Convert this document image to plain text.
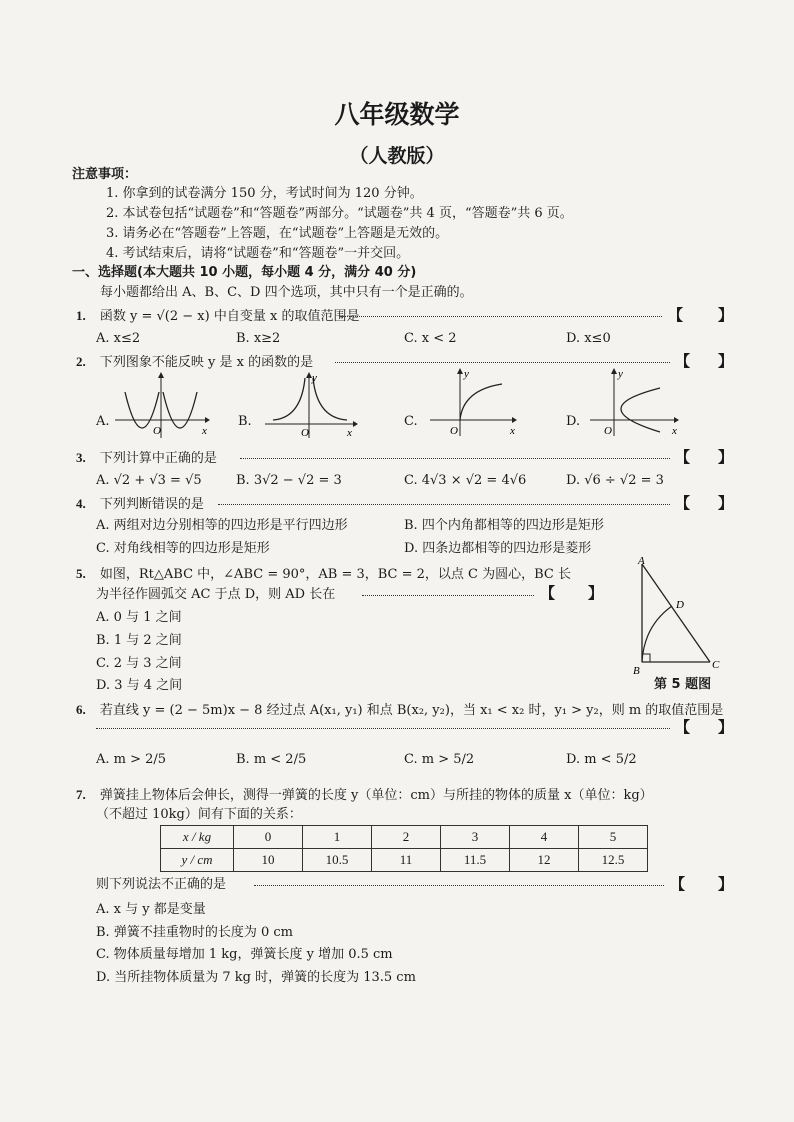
八年级数学
（人教版）
注意事项：
1. 你拿到的试卷满分 150 分，考试时间为 120 分钟。
2. 本试卷包括“试题卷”和“答题卷”两部分。“试题卷”共 4 页，“答题卷”共 6 页。
3. 请务必在“答题卷”上答题，在“试题卷”上答题是无效的。
4. 考试结束后，请将“试题卷”和“答题卷”一并交回。
一、选择题(本大题共 10 小题，每小题 4 分，满分 40 分)
每小题都给出 A、B、C、D 四个选项，其中只有一个是正确的。
1. 函数 y = √(2 − x) 中自变量 x 的取值范围是	【 】
A. x≤2	B. x≥2	C. x < 2	D. x≤0
2. 下列图象不能反映 y 是 x 的函数的是	【 】
A.	B.	C.	D.
O	x
y
O	x
y
O	x
y
O	x
3. 下列计算中正确的是	【 】
A. √2 + √3 = √5	B. 3√2 − √2 = 3	C. 4√3 × √2 = 4√6	D. √6 ÷ √2 = 3
4. 下列判断错误的是	【 】
A. 两组对边分别相等的四边形是平行四边形	B. 四个内角都相等的四边形是矩形
C. 对角线相等的四边形是矩形	D. 四条边都相等的四边形是菱形
5. 如图，Rt△ABC 中，∠ABC = 90°，AB = 3，BC = 2，以点 C 为圆心，BC 长
为半径作圆弧交 AC 于点 D，则 AD 长在	【 】
A. 0 与 1 之间
B. 1 与 2 之间
C. 2 与 3 之间
D. 3 与 4 之间
A
B	C
D
第 5 题图
6. 若直线 y = (2 − 5m)x − 8 经过点 A(x₁, y₁) 和点 B(x₂, y₂)，当 x₁ < x₂ 时，y₁ > y₂，则 m 的取值范围是
【 】
A. m > 2/5	B. m < 2/5	C. m > 5/2	D. m < 5/2
7. 弹簧挂上物体后会伸长，测得一弹簧的长度 y（单位：cm）与所挂的物体的质量 x（单位：kg）
（不超过 10kg）间有下面的关系：
x / kg	0	1	2	3	4	5
y / cm	10	10.5	11	11.5	12	12.5
则下列说法不正确的是	【 】
A. x 与 y 都是变量
B. 弹簧不挂重物时的长度为 0 cm
C. 物体质量每增加 1 kg，弹簧长度 y 增加 0.5 cm
D. 当所挂物体质量为 7 kg 时，弹簧的长度为 13.5 cm
